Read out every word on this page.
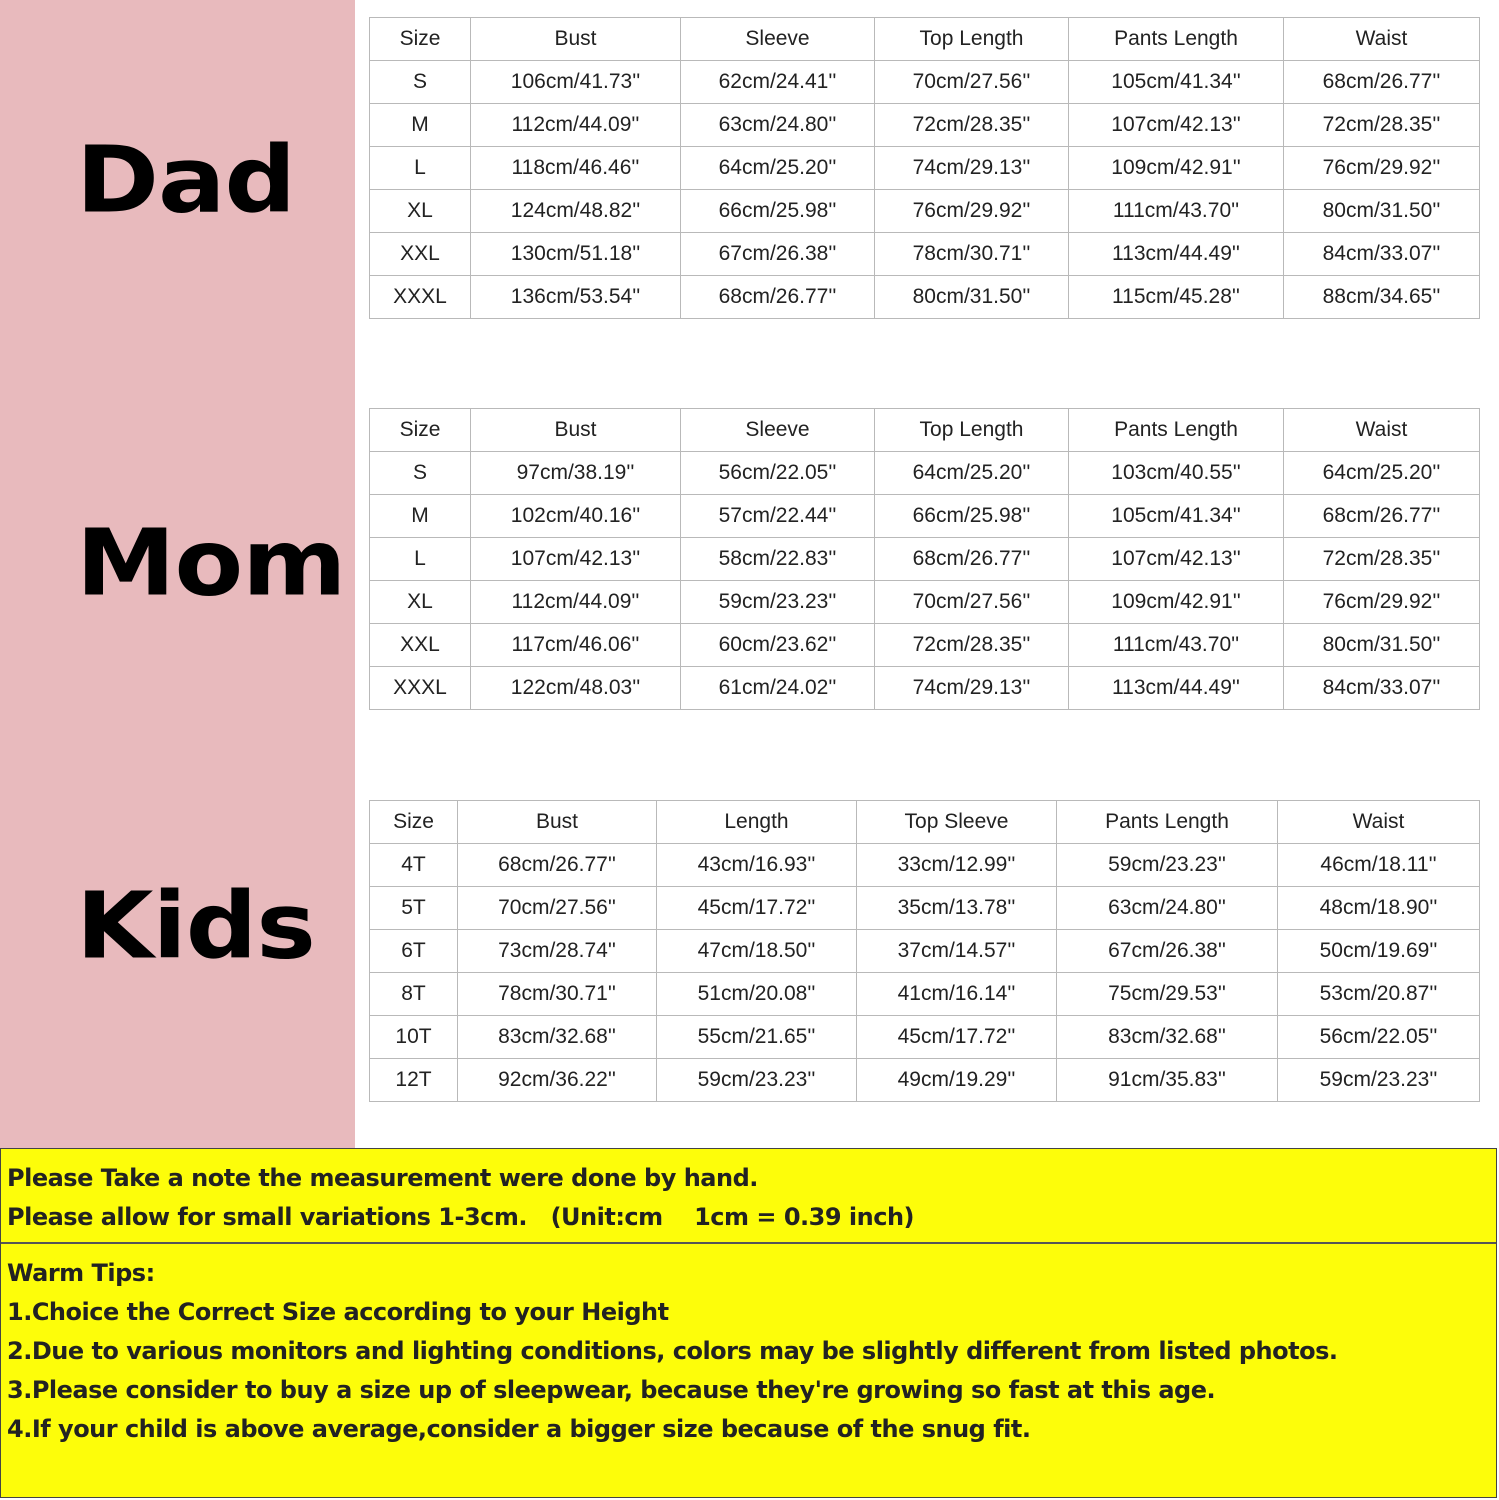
Dad
Mom
Kids
Size	Bust	Sleeve	Top Length	Pants Length	Waist
S	106cm/41.73''	62cm/24.41''	70cm/27.56''	105cm/41.34''	68cm/26.77''
M	112cm/44.09''	63cm/24.80''	72cm/28.35''	107cm/42.13''	72cm/28.35''
L	118cm/46.46''	64cm/25.20''	74cm/29.13''	109cm/42.91''	76cm/29.92''
XL	124cm/48.82''	66cm/25.98''	76cm/29.92''	111cm/43.70''	80cm/31.50''
XXL	130cm/51.18''	67cm/26.38''	78cm/30.71''	113cm/44.49''	84cm/33.07''
XXXL	136cm/53.54''	68cm/26.77''	80cm/31.50''	115cm/45.28''	88cm/34.65''
Size	Bust	Sleeve	Top Length	Pants Length	Waist
S	97cm/38.19''	56cm/22.05''	64cm/25.20''	103cm/40.55''	64cm/25.20''
M	102cm/40.16''	57cm/22.44''	66cm/25.98''	105cm/41.34''	68cm/26.77''
L	107cm/42.13''	58cm/22.83''	68cm/26.77''	107cm/42.13''	72cm/28.35''
XL	112cm/44.09''	59cm/23.23''	70cm/27.56''	109cm/42.91''	76cm/29.92''
XXL	117cm/46.06''	60cm/23.62''	72cm/28.35''	111cm/43.70''	80cm/31.50''
XXXL	122cm/48.03''	61cm/24.02''	74cm/29.13''	113cm/44.49''	84cm/33.07''
Size	Bust	Length	Top Sleeve	Pants Length	Waist
4T	68cm/26.77''	43cm/16.93''	33cm/12.99''	59cm/23.23''	46cm/18.11''
5T	70cm/27.56''	45cm/17.72''	35cm/13.78''	63cm/24.80''	48cm/18.90''
6T	73cm/28.74''	47cm/18.50''	37cm/14.57''	67cm/26.38''	50cm/19.69''
8T	78cm/30.71''	51cm/20.08''	41cm/16.14''	75cm/29.53''	53cm/20.87''
10T	83cm/32.68''	55cm/21.65''	45cm/17.72''	83cm/32.68''	56cm/22.05''
12T	92cm/36.22''	59cm/23.23''	49cm/19.29''	91cm/35.83''	59cm/23.23''
Please Take a note the measurement were done by hand.
Please allow for small variations 1-3cm.   (Unit:cm    1cm = 0.39 inch)
Warm Tips:
1.Choice the Correct Size according to your Height
2.Due to various monitors and lighting conditions, colors may be slightly different from listed photos.
3.Please consider to buy a size up of sleepwear, because they're growing so fast at this age.
4.If your child is above average,consider a bigger size because of the snug fit.
